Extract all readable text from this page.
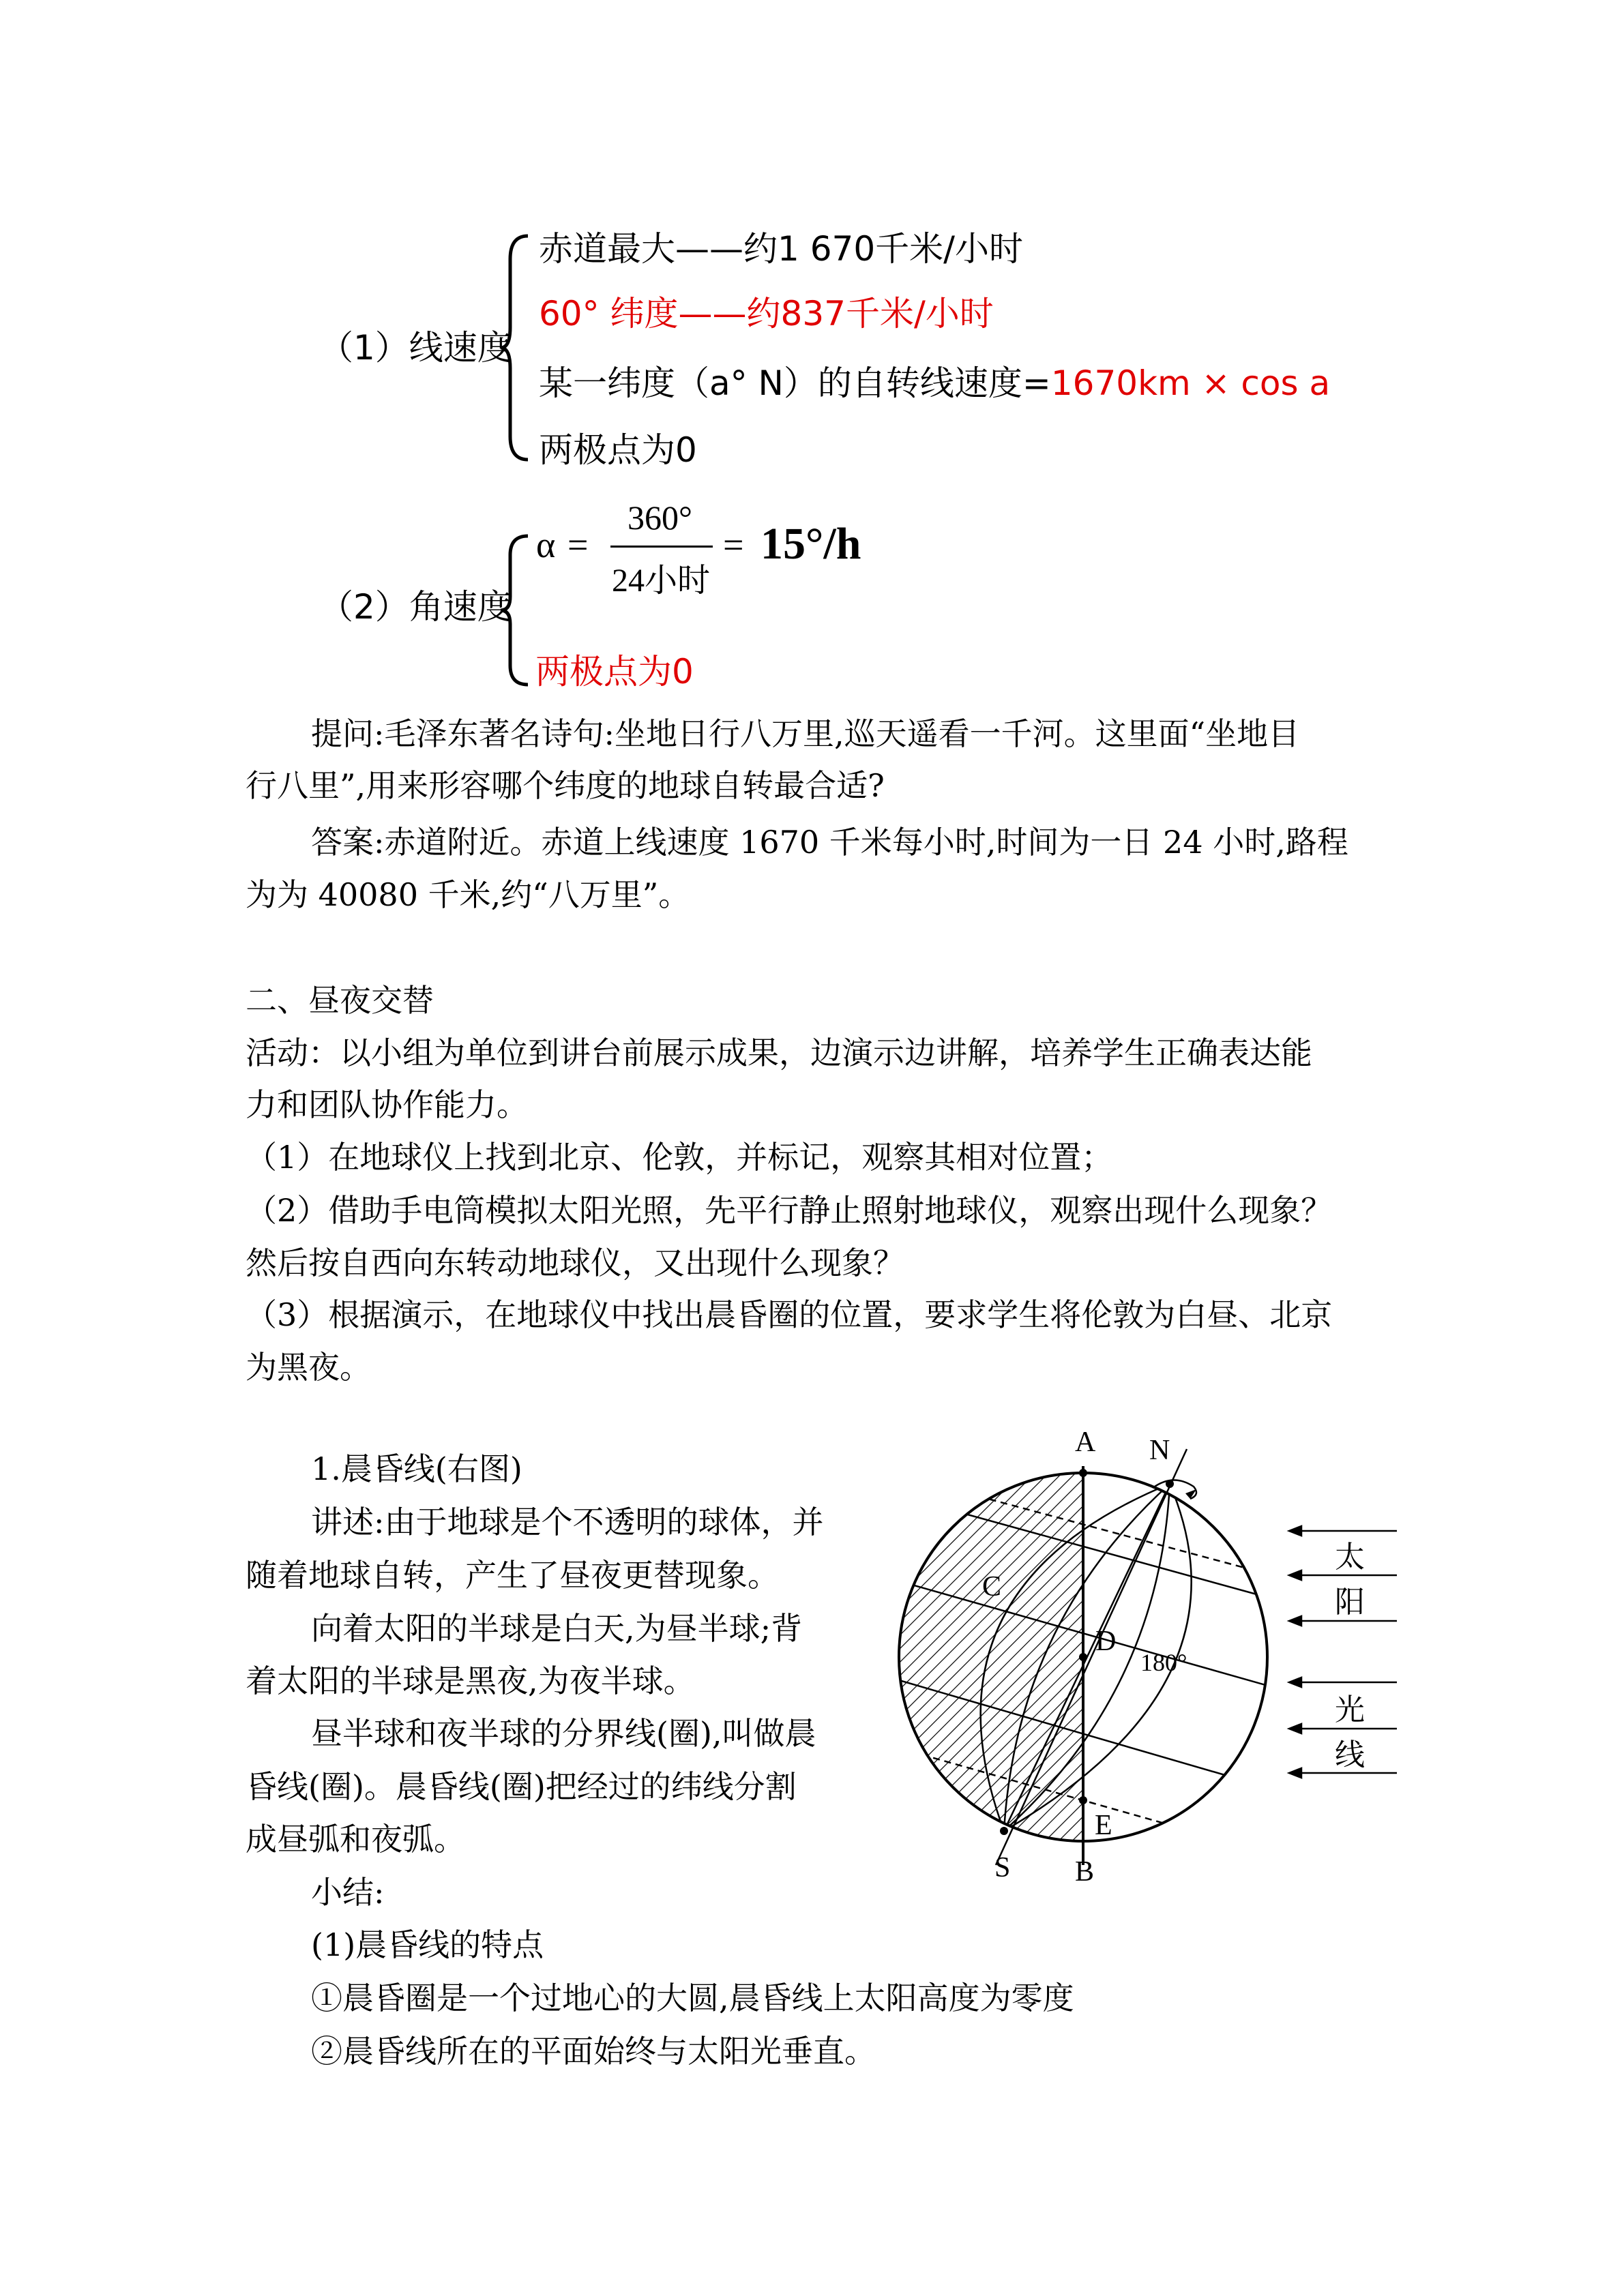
（1）线速度
赤道最大——约1 670千米/小时
60° 纬度——约837千米/小时
某一纬度（a° N）的自转线速度=1670km × cos a
两极点为0
（2）角速度
α =
360°
24小时
= 15°/h
两极点为0
提问:毛泽东著名诗句:坐地日行八万里,巡天遥看一千河。这里面“坐地目
行八里”,用来形容哪个纬度的地球自转最合适?
答案:赤道附近。赤道上线速度 1670 千米每小时,时间为一日 24 小时,路程
为为 40080 千米,约“八万里”。
二、昼夜交替
活动：以小组为单位到讲台前展示成果，边演示边讲解，培养学生正确表达能
力和团队协作能力。
（1）在地球仪上找到北京、伦敦，并标记，观察其相对位置；
（2）借助手电筒模拟太阳光照，先平行静止照射地球仪，观察出现什么现象？
然后按自西向东转动地球仪，又出现什么现象？
（3）根据演示，在地球仪中找出晨昏圈的位置，要求学生将伦敦为白昼、北京
为黑夜。
1.晨昏线(右图)
讲述:由于地球是个不透明的球体，并
随着地球自转，产生了昼夜更替现象。
向着太阳的半球是白天,为昼半球;背
着太阳的半球是黑夜,为夜半球。
昼半球和夜半球的分界线(圈),叫做晨
昏线(圈)。晨昏线(圈)把经过的纬线分割
成昼弧和夜弧。
小结:
(1)晨昏线的特点
①晨昏圈是一个过地心的大圆,晨昏线上太阳高度为零度
②晨昏线所在的平面始终与太阳光垂直。
A N
C
D
180°
E
S B
太
阳
光
线
